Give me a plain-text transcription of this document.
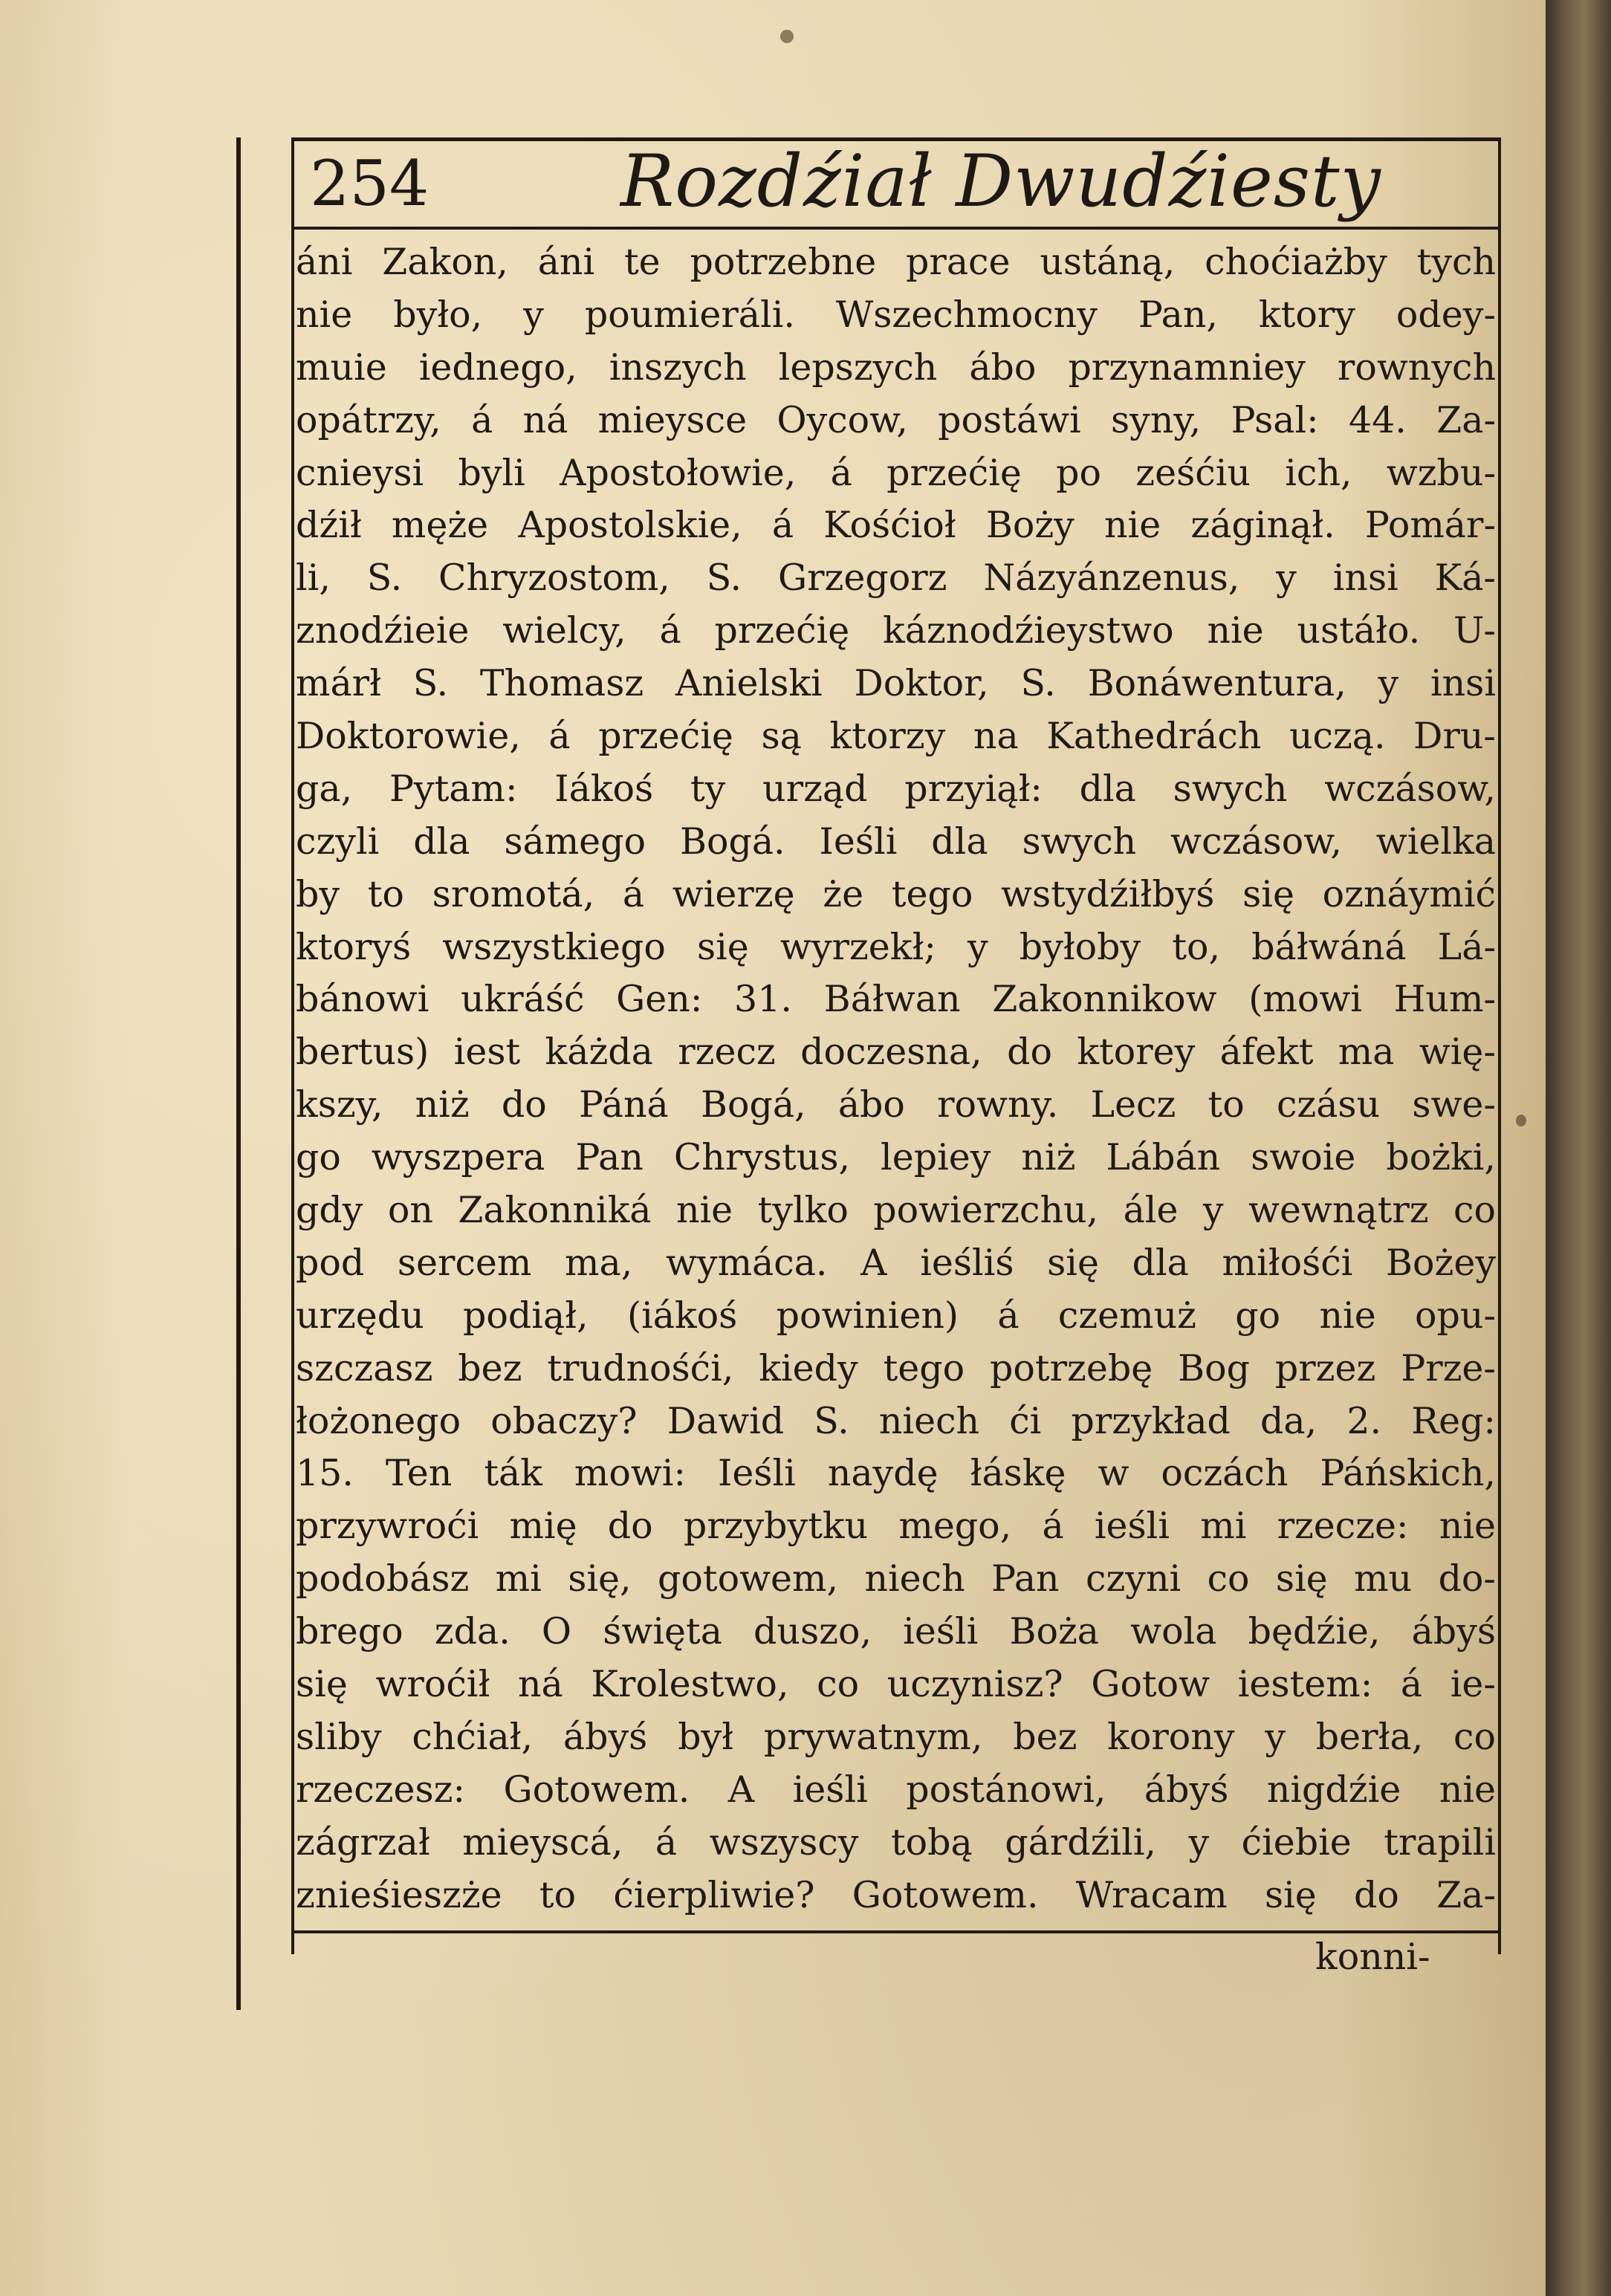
254	Rozdźiał Dwudźiesty
áni Zakon, áni te potrzebne prace ustáną, choćiażby tych
nie było, y poumieráli. Wszechmocny Pan, ktory odey-
muie iednego, inszych lepszych ábo przynamniey rownych
opátrzy, á ná mieysce Oycow, postáwi syny, Psal: 44. Za-
cnieysi byli Apostołowie, á przećię po ześćiu ich, wzbu-
dźił męże Apostolskie, á Kośćioł Boży nie záginął. Pomár-
li, S. Chryzostom, S. Grzegorz Názyánzenus, y insi Ká-
znodźieie wielcy, á przećię káznodźieystwo nie ustáło. U-
márł S. Thomasz Anielski Doktor, S. Bonáwentura, y insi
Doktorowie, á przećię są ktorzy na Kathedrách uczą. Dru-
ga, Pytam: Iákoś ty urząd przyiął: dla swych wczásow,
czyli dla sámego Bogá. Ieśli dla swych wczásow, wielka
by to sromotá, á wierzę że tego wstydźiłbyś się oznáymić
ktoryś wszystkiego się wyrzekł; y byłoby to, báłwáná Lá-
bánowi ukráść Gen: 31. Báłwan Zakonnikow (mowi Hum-
bertus) iest káżda rzecz doczesna, do ktorey áfekt ma wię-
kszy, niż do Páná Bogá, ábo rowny. Lecz to czásu swe-
go wyszpera Pan Chrystus, lepiey niż Lábán swoie bożki,
gdy on Zakonniká nie tylko powierzchu, ále y wewnątrz co
pod sercem ma, wymáca. A ieśliś się dla miłośći Bożey
urzędu podiął, (iákoś powinien) á czemuż go nie opu-
szczasz bez trudnośći, kiedy tego potrzebę Bog przez Prze-
łożonego obaczy? Dawid S. niech ći przykład da, 2. Reg:
15. Ten ták mowi: Ieśli naydę łáskę w oczách Páńskich,
przywroći mię do przybytku mego, á ieśli mi rzecze: nie
podobász mi się, gotowem, niech Pan czyni co się mu do-
brego zda. O święta duszo, ieśli Boża wola będźie, ábyś
się wroćił ná Krolestwo, co uczynisz? Gotow iestem: á ie-
sliby chćiał, ábyś był prywatnym, bez korony y berła, co
rzeczesz: Gotowem. A ieśli postánowi, ábyś nigdźie nie
zágrzał mieyscá, á wszyscy tobą gárdźili, y ćiebie trapili
znieśieszże to ćierpliwie? Gotowem. Wracam się do Za-
konni-
